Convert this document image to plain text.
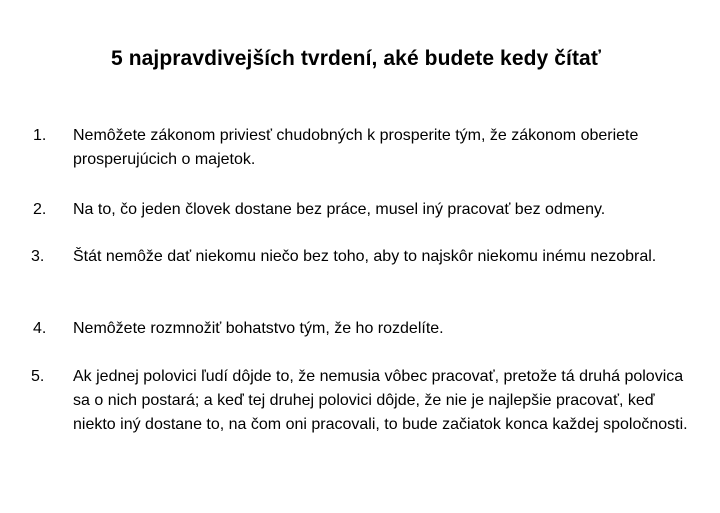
5 najpravdivejších tvrdení, aké budete kedy čítať
1.	Nemôžete zákonom priviesť chudobných k prosperite tým, že zákonom oberiete prosperujúcich o majetok.
2.	Na to, čo jeden človek dostane bez práce, musel iný pracovať bez odmeny.
3.	Štát nemôže dať niekomu niečo bez toho, aby to najskôr niekomu inému nezobral.
4.	Nemôžete rozmnožiť bohatstvo tým, že ho rozdelíte.
5.	Ak jednej polovici ľudí dôjde to, že nemusia vôbec pracovať, pretože tá druhá polovica sa o nich postará; a keď tej druhej polovici dôjde, že nie je najlepšie pracovať, keď niekto iný dostane to, na čom oni pracovali, to bude začiatok konca každej spoločnosti.
